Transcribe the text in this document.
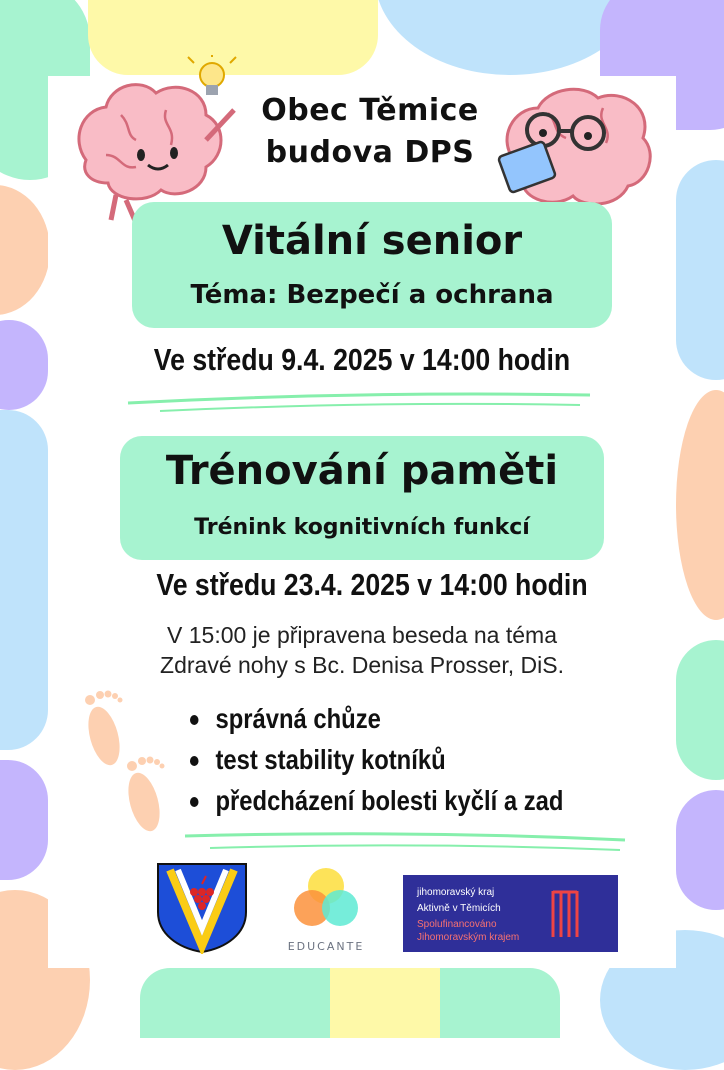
Obec Těmice
budova DPS
Vitální senior
Téma: Bezpečí a ochrana
Ve středu 9.4. 2025 v 14:00 hodin
Trénování paměti
Trénink kognitivních funkcí
Ve středu 23.4. 2025 v 14:00 hodin
V 15:00 je připravena beseda na téma
Zdravé nohy s Bc. Denisa Prosser, DiS.
správná chůze
test stability kotníků
předcházení bolesti kyčlí a zad
EDUCANTE
jihomoravský kraj
Aktivně v Těmicích
Spolufinancováno
Jihomoravským krajem
